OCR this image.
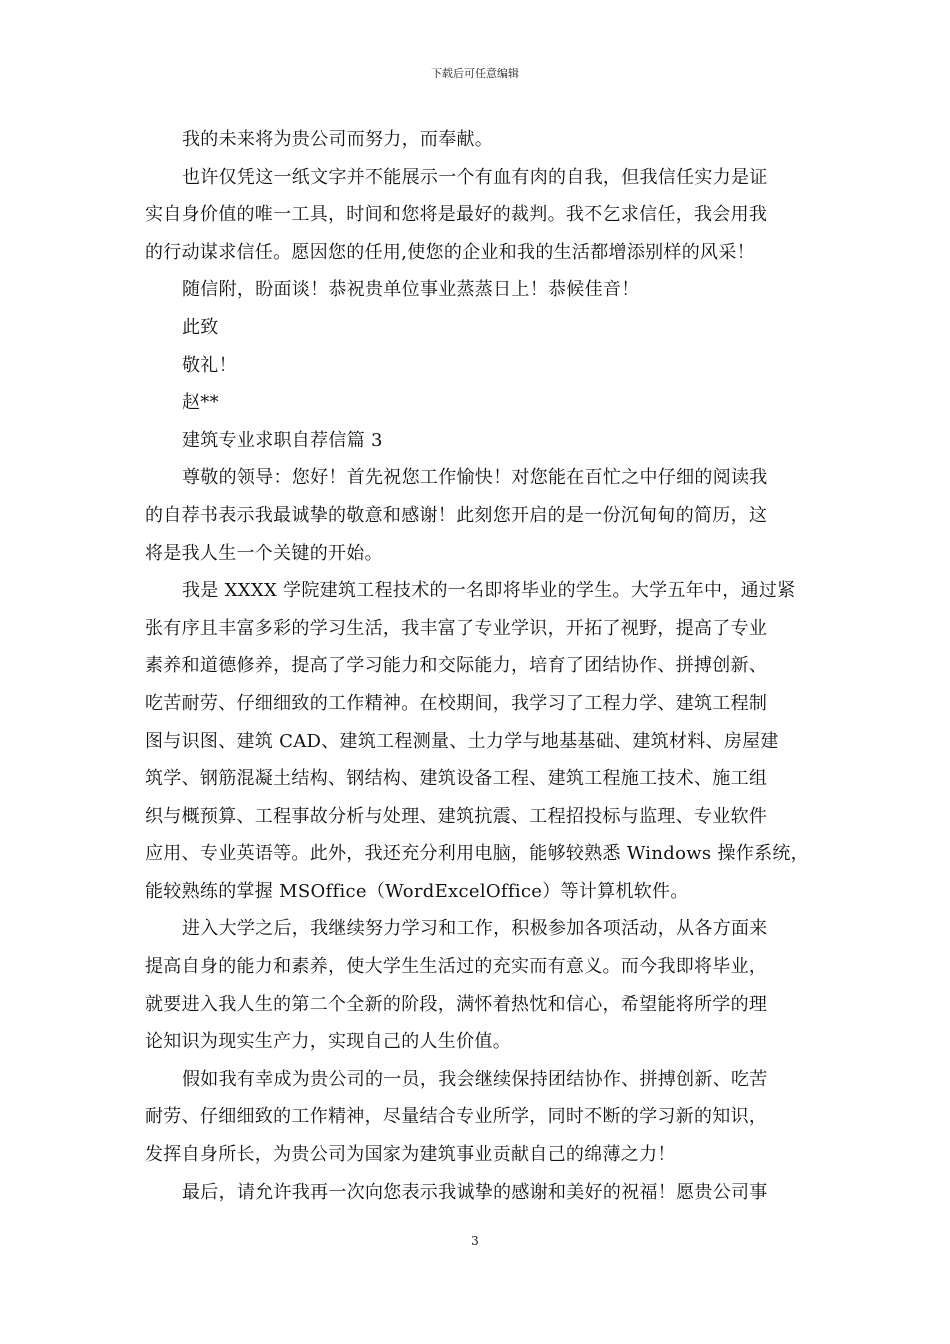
下载后可任意编辑
我的未来将为贵公司而努力，而奉献。
也许仅凭这一纸文字并不能展示一个有血有肉的自我，但我信任实力是证
实自身价值的唯一工具，时间和您将是最好的裁判。我不乞求信任，我会用我
的行动谋求信任。愿因您的任用,使您的企业和我的生活都增添别样的风采！
随信附，盼面谈！恭祝贵单位事业蒸蒸日上！恭候佳音！
此致
敬礼！
赵**
建筑专业求职自荐信篇 3
尊敬的领导：您好！首先祝您工作愉快！对您能在百忙之中仔细的阅读我
的自荐书表示我最诚挚的敬意和感谢！此刻您开启的是一份沉甸甸的简历，这
将是我人生一个关键的开始。
我是 XXXX 学院建筑工程技术的一名即将毕业的学生。大学五年中，通过紧
张有序且丰富多彩的学习生活，我丰富了专业学识，开拓了视野，提高了专业
素养和道德修养，提高了学习能力和交际能力，培育了团结协作、拼搏创新、
吃苦耐劳、仔细细致的工作精神。在校期间，我学习了工程力学、建筑工程制
图与识图、建筑 CAD、建筑工程测量、土力学与地基基础、建筑材料、房屋建
筑学、钢筋混凝土结构、钢结构、建筑设备工程、建筑工程施工技术、施工组
织与概预算、工程事故分析与处理、建筑抗震、工程招投标与监理、专业软件
应用、专业英语等。此外，我还充分利用电脑，能够较熟悉 Windows 操作系统，
能较熟练的掌握 MSOffice（WordExcelOffice）等计算机软件。
进入大学之后，我继续努力学习和工作，积极参加各项活动，从各方面来
提高自身的能力和素养，使大学生生活过的充实而有意义。而今我即将毕业，
就要进入我人生的第二个全新的阶段，满怀着热忱和信心，希望能将所学的理
论知识为现实生产力，实现自己的人生价值。
假如我有幸成为贵公司的一员，我会继续保持团结协作、拼搏创新、吃苦
耐劳、仔细细致的工作精神，尽量结合专业所学，同时不断的学习新的知识，
发挥自身所长，为贵公司为国家为建筑事业贡献自己的绵薄之力！
最后，请允许我再一次向您表示我诚挚的感谢和美好的祝福！愿贵公司事
3
